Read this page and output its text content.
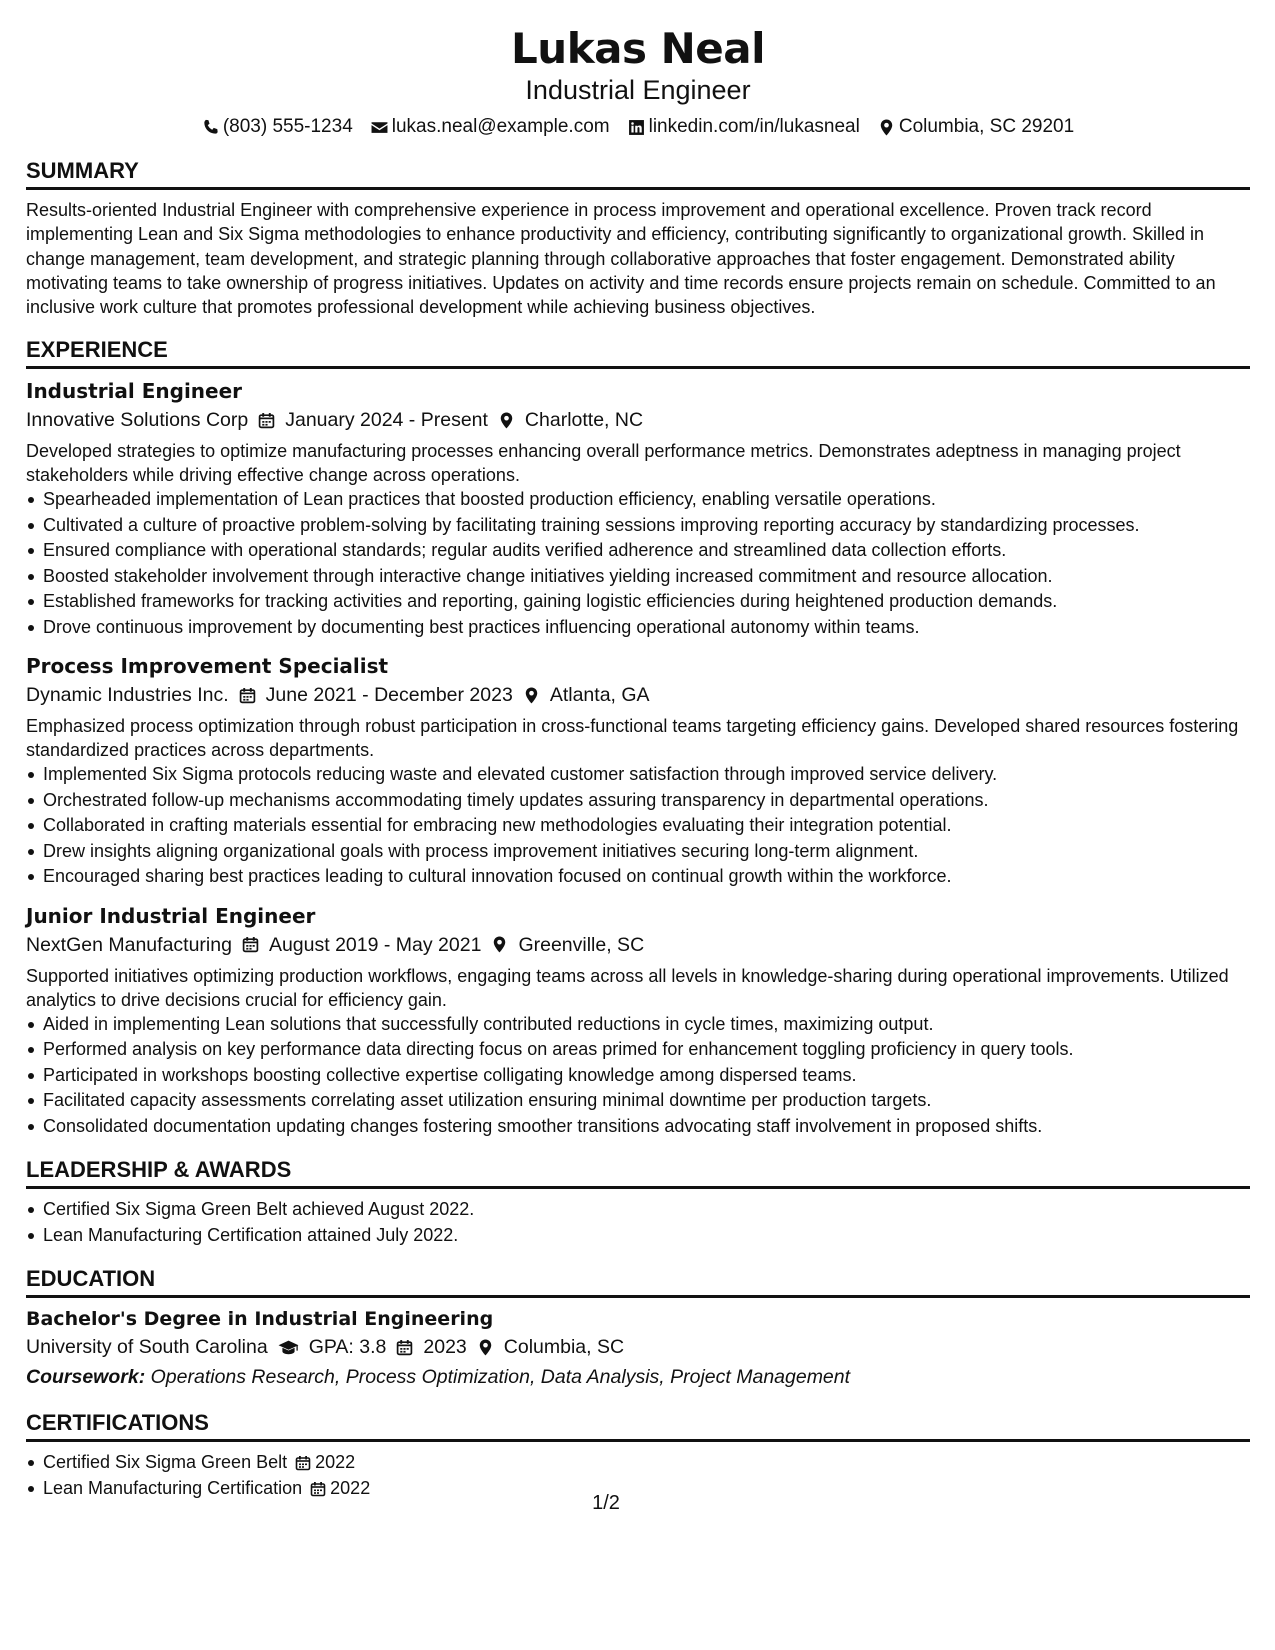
Lukas Neal
Industrial Engineer
(803) 555-1234 lukas.neal@example.com linkedin.com/in/lukasneal Columbia, SC 29201
SUMMARY
Results-oriented Industrial Engineer with comprehensive experience in process improvement and operational excellence. Proven track record implementing Lean and Six Sigma methodologies to enhance productivity and efficiency, contributing significantly to organizational growth. Skilled in change management, team development, and strategic planning through collaborative approaches that foster engagement. Demonstrated ability motivating teams to take ownership of progress initiatives. Updates on activity and time records ensure projects remain on schedule. Committed to an inclusive work culture that promotes professional development while achieving business objectives.
EXPERIENCE
Industrial Engineer
Innovative Solutions Corp January 2024 - Present Charlotte, NC
Developed strategies to optimize manufacturing processes enhancing overall performance metrics. Demonstrates adeptness in managing project stakeholders while driving effective change across operations.
Spearheaded implementation of Lean practices that boosted production efficiency, enabling versatile operations.
Cultivated a culture of proactive problem-solving by facilitating training sessions improving reporting accuracy by standardizing processes.
Ensured compliance with operational standards; regular audits verified adherence and streamlined data collection efforts.
Boosted stakeholder involvement through interactive change initiatives yielding increased commitment and resource allocation.
Established frameworks for tracking activities and reporting, gaining logistic efficiencies during heightened production demands.
Drove continuous improvement by documenting best practices influencing operational autonomy within teams.
Process Improvement Specialist
Dynamic Industries Inc. June 2021 - December 2023 Atlanta, GA
Emphasized process optimization through robust participation in cross-functional teams targeting efficiency gains. Developed shared resources fostering standardized practices across departments.
Implemented Six Sigma protocols reducing waste and elevated customer satisfaction through improved service delivery.
Orchestrated follow-up mechanisms accommodating timely updates assuring transparency in departmental operations.
Collaborated in crafting materials essential for embracing new methodologies evaluating their integration potential.
Drew insights aligning organizational goals with process improvement initiatives securing long-term alignment.
Encouraged sharing best practices leading to cultural innovation focused on continual growth within the workforce.
Junior Industrial Engineer
NextGen Manufacturing August 2019 - May 2021 Greenville, SC
Supported initiatives optimizing production workflows, engaging teams across all levels in knowledge-sharing during operational improvements. Utilized analytics to drive decisions crucial for efficiency gain.
Aided in implementing Lean solutions that successfully contributed reductions in cycle times, maximizing output.
Performed analysis on key performance data directing focus on areas primed for enhancement toggling proficiency in query tools.
Participated in workshops boosting collective expertise colligating knowledge among dispersed teams.
Facilitated capacity assessments correlating asset utilization ensuring minimal downtime per production targets.
Consolidated documentation updating changes fostering smoother transitions advocating staff involvement in proposed shifts.
LEADERSHIP & AWARDS
Certified Six Sigma Green Belt achieved August 2022.
Lean Manufacturing Certification attained July 2022.
EDUCATION
Bachelor's Degree in Industrial Engineering
University of South Carolina GPA: 3.8 2023 Columbia, SC
Coursework: Operations Research, Process Optimization, Data Analysis, Project Management
CERTIFICATIONS
Certified Six Sigma Green Belt 2022
Lean Manufacturing Certification 2022
1/2
